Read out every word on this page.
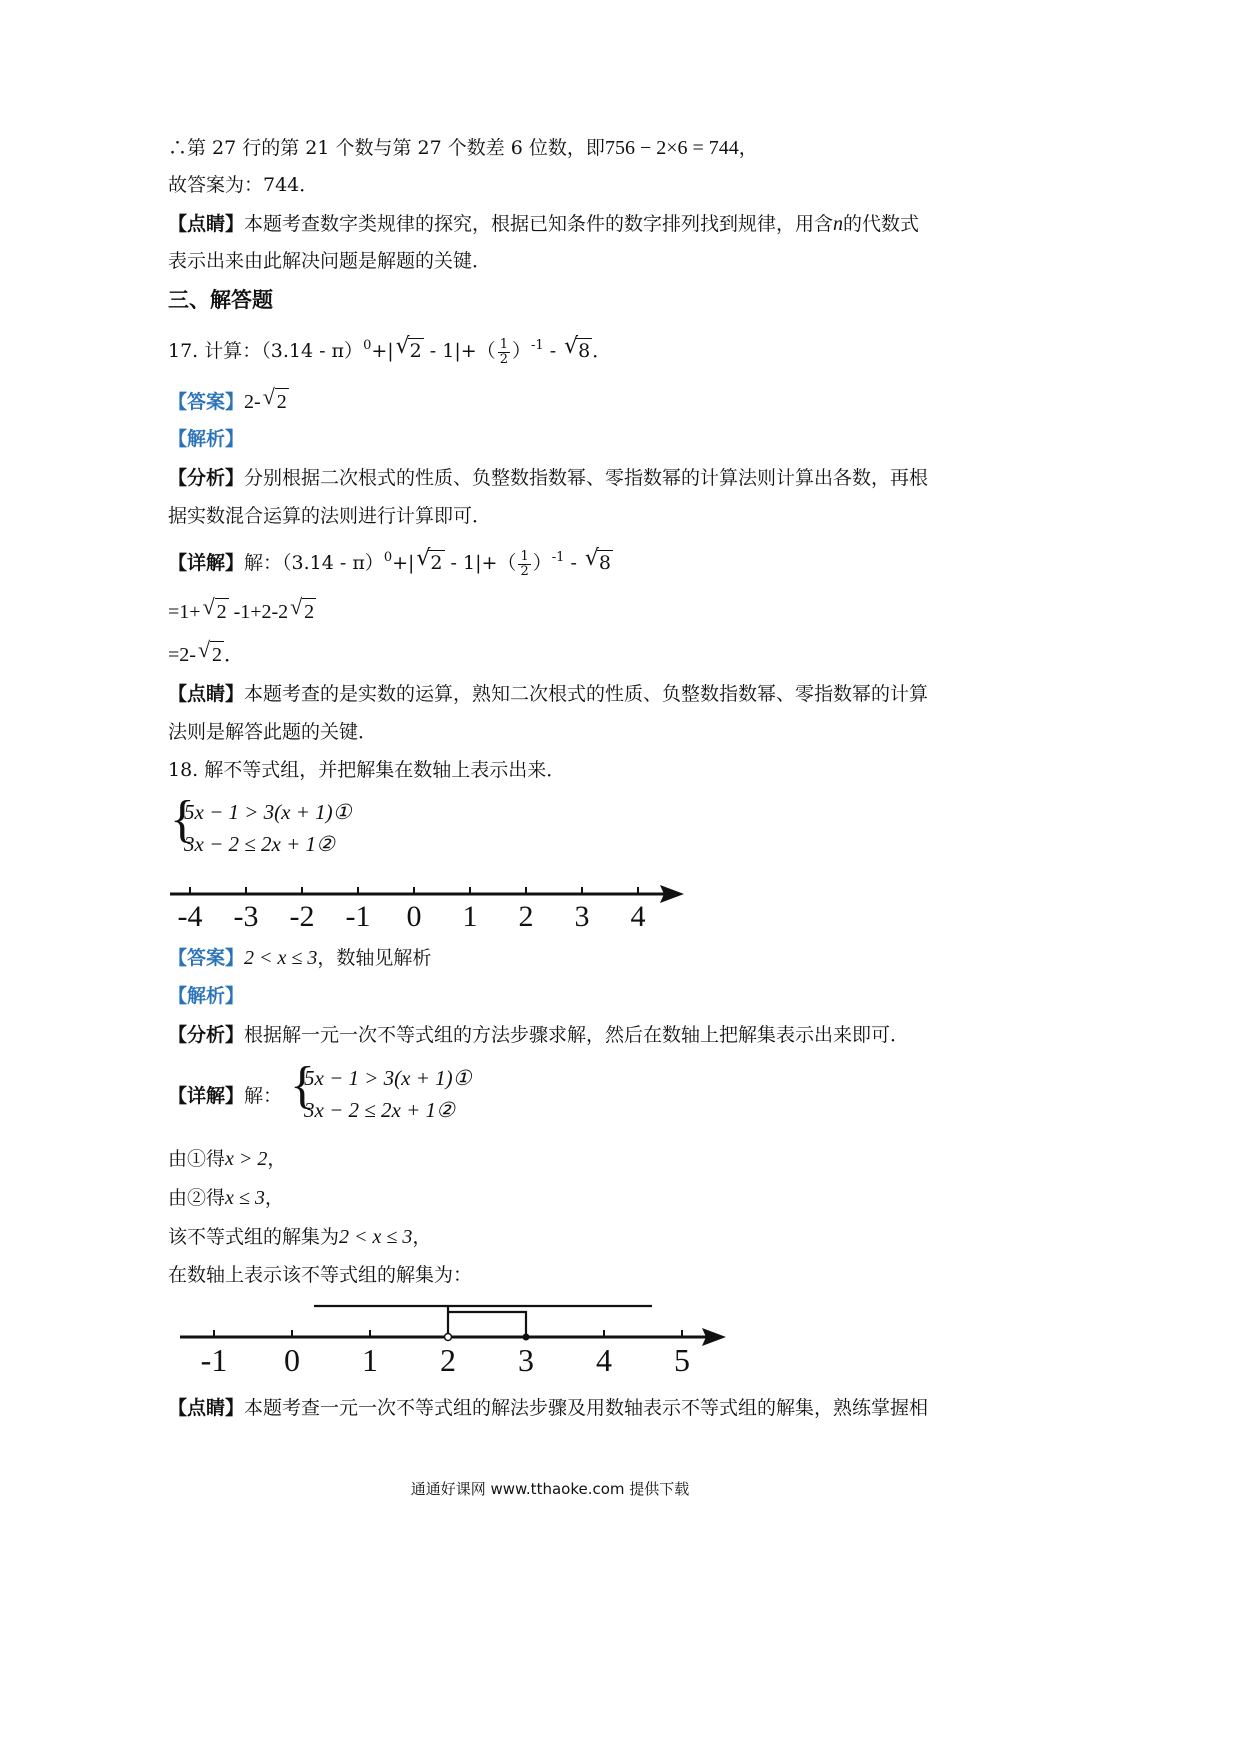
∴第 27 行的第 21 个数与第 27 个数差 6 位数，即756 − 2×6 = 744，
故答案为：744．
【点睛】本题考查数字类规律的探究，根据已知条件的数字排列找到规律，用含n的代数式
表示出来由此解决问题是解题的关键．
三、解答题
17. 计算：（3.14 - π）$^0$+| √ $2 - 1|+( \frac{1}{2} )^{-1}$ - √ 8 ．
【答案】2- √ 2
【解析】
【分析】分别根据二次根式的性质、负整数指数幂、零指数幂的计算法则计算出各数，再根
据实数混合运算的法则进行计算即可．
【详解】解：（3.14 - π）$^0$+| √ $2 - 1|+( \frac{1}{2} )^{-1}$ - √ 8
=1+ √ 2 -1+2-2 √ 2
=2- √ 2 ．
【点睛】本题考查的是实数的运算，熟知二次根式的性质、负整数指数幂、零指数幂的计算
法则是解答此题的关键．
18. 解不等式组，并把解集在数轴上表示出来．
{
5x − 1 > 3(x + 1)①
3x − 2 ≤ 2x + 1②
-4 -3 -2 -1 0 1 2 3 4
【答案】2 < x ≤ 3，数轴见解析
【解析】
【分析】根据解一元一次不等式组的方法步骤求解，然后在数轴上把解集表示出来即可．
【详解】解： {
5x − 1 > 3(x + 1)①
3x − 2 ≤ 2x + 1②
由①得x > 2，
由②得x ≤ 3，
该不等式组的解集为2 < x ≤ 3，
在数轴上表示该不等式组的解集为：
-1 0 1 2 3 4 5
【点睛】本题考查一元一次不等式组的解法步骤及用数轴表示不等式组的解集，熟练掌握相
通通好课网 www.tthaoke.com 提供下载
